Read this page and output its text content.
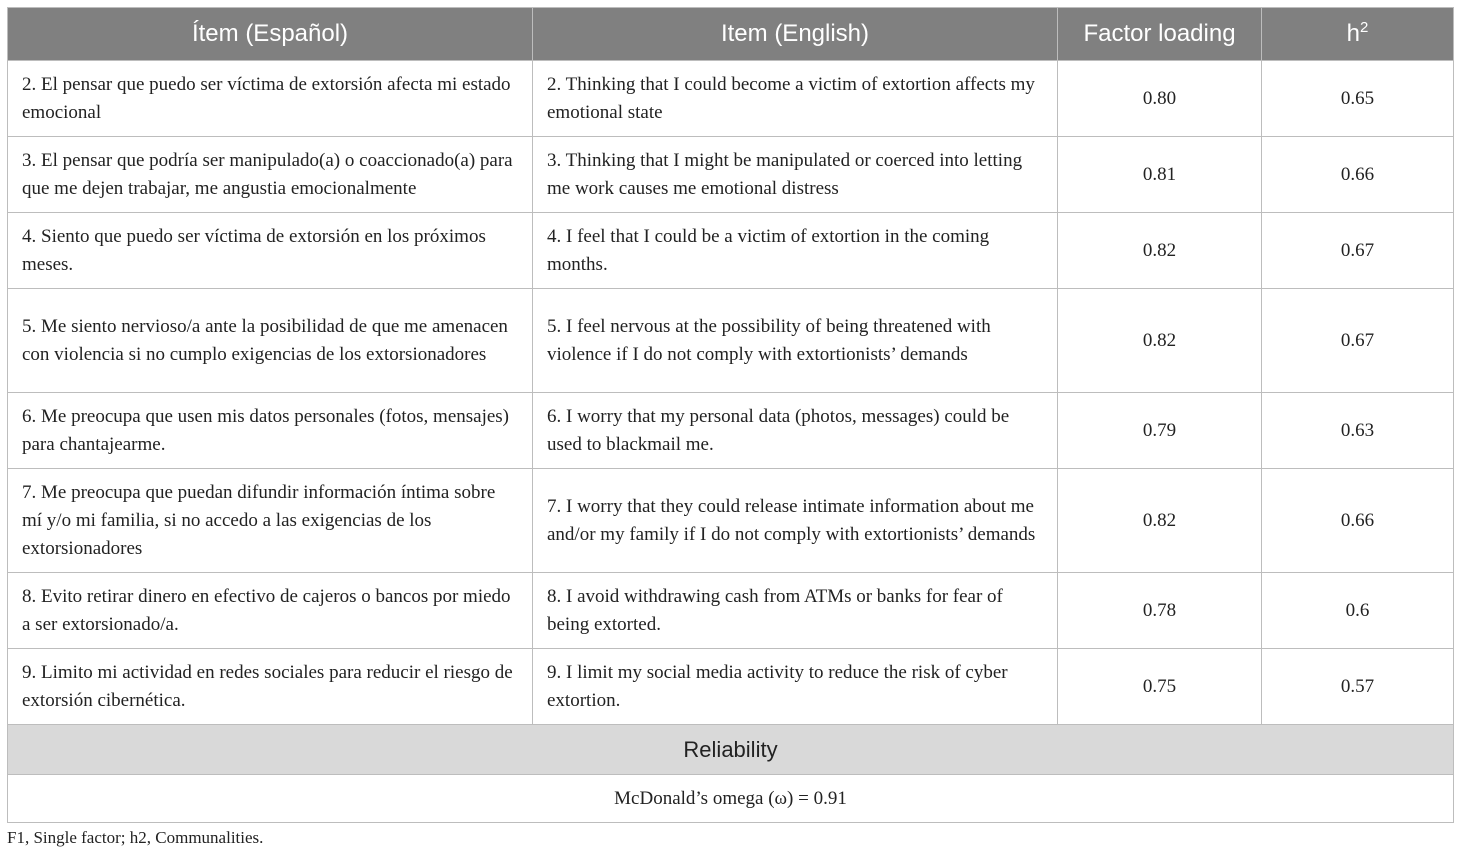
Ítem (Español)	Item (English)	Factor loading	$h^2$
2. El pensar que puedo ser víctima de extorsión afecta mi estado emocional	2. Thinking that I could become a victim of extortion affects my emotional state	0.80	0.65
3. El pensar que podría ser manipulado(a) o coaccionado(a) para que me dejen trabajar, me angustia emocionalmente	3. Thinking that I might be manipulated or coerced into letting me work causes me emotional distress	0.81	0.66
4. Siento que puedo ser víctima de extorsión en los próximos meses.	4. I feel that I could be a victim of extortion in the coming months.	0.82	0.67
5. Me siento nervioso/a ante la posibilidad de que me amenacen con violencia si no cumplo exigencias de los extorsionadores	5. I feel nervous at the possibility of being threatened with violence if I do not comply with extortionists’ demands	0.82	0.67
6. Me preocupa que usen mis datos personales (fotos, mensajes) para chantajearme.	6. I worry that my personal data (photos, messages) could be used to blackmail me.	0.79	0.63
7. Me preocupa que puedan difundir información íntima sobre mí y/o mi familia, si no accedo a las exigencias de los extorsionadores	7. I worry that they could release intimate information about me and/or my family if I do not comply with extortionists’ demands	0.82	0.66
8. Evito retirar dinero en efectivo de cajeros o bancos por miedo a ser extorsionado/a.	8. I avoid withdrawing cash from ATMs or banks for fear of being extorted.	0.78	0.6
9. Limito mi actividad en redes sociales para reducir el riesgo de extorsión cibernética.	9. I limit my social media activity to reduce the risk of cyber extortion.	0.75	0.57
Reliability			
McDonald’s omega (ω) = 0.91			
F1, Single factor; h2, Communalities.
